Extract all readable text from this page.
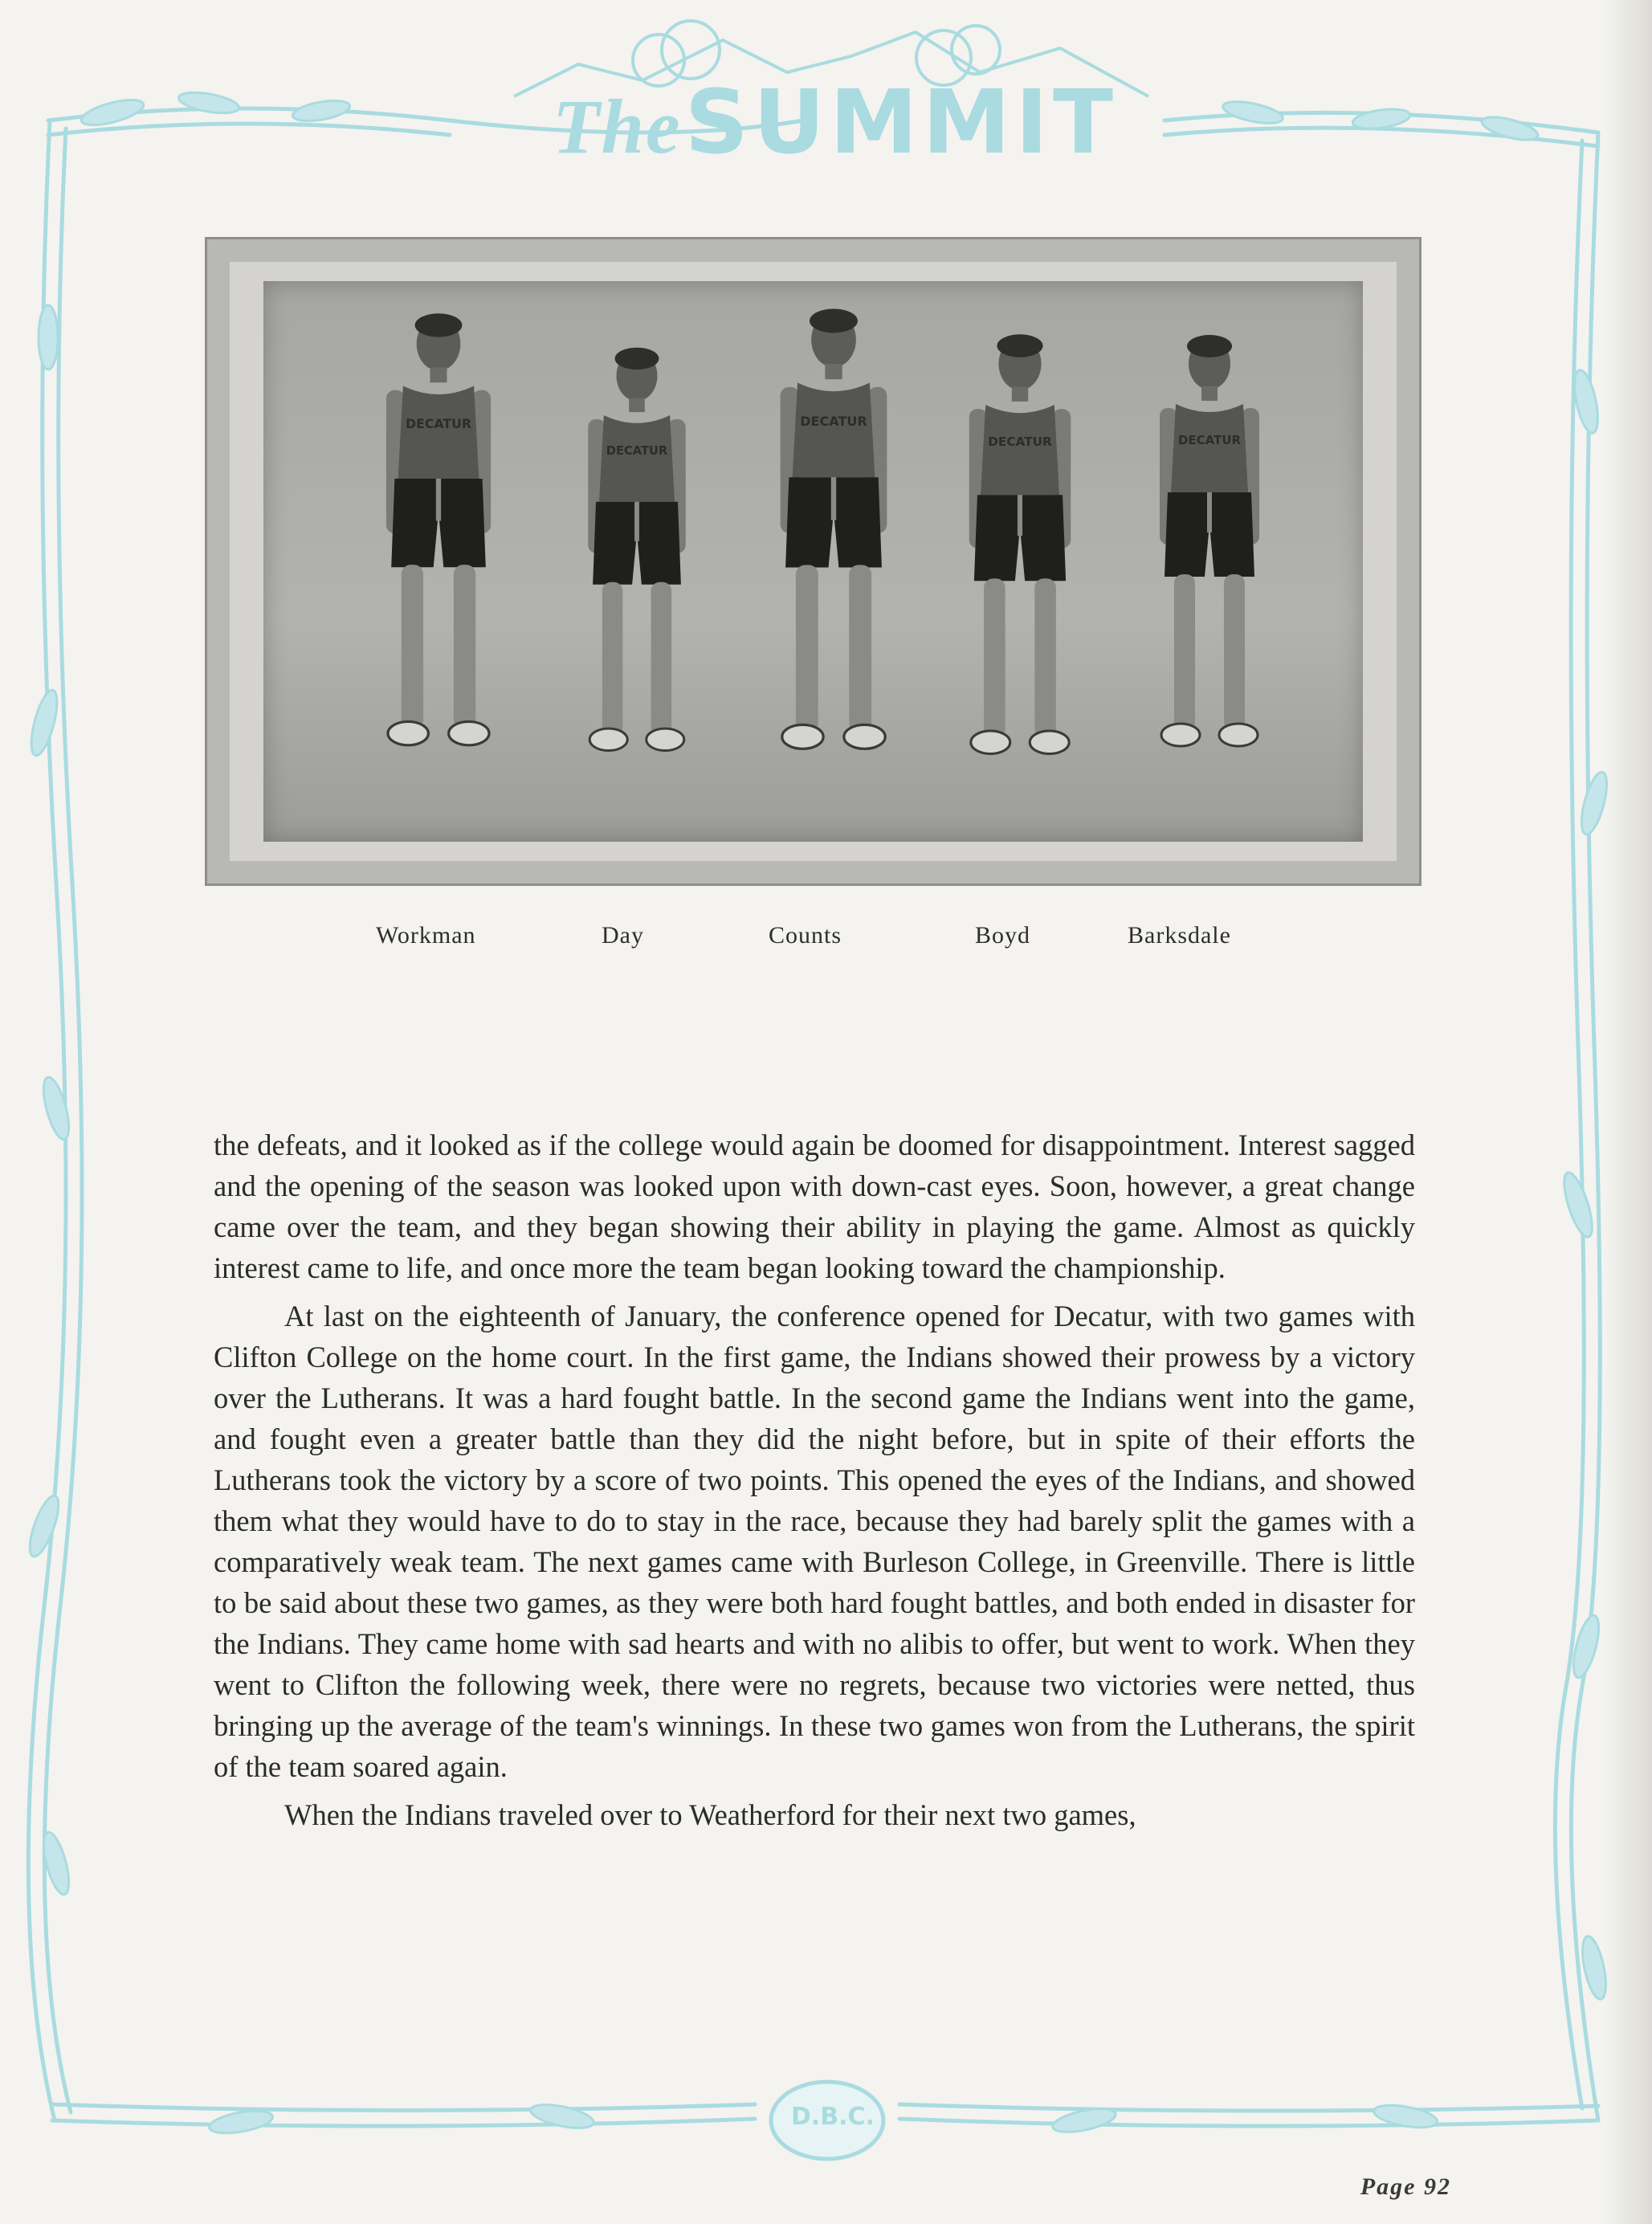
The SUMMIT
D.B.C.
DECATUR
Workman	Day	Counts	Boyd	Barksdale

the defeats, and it looked as if the college would again be doomed for disappointment. Interest sagged and the opening of the season was looked upon with down-cast eyes. Soon, however, a great change came over the team, and they began showing their ability in playing the game. Almost as quickly interest came to life, and once more the team began looking toward the championship.

At last on the eighteenth of January, the conference opened for Decatur, with two games with Clifton College on the home court. In the first game, the Indians showed their prowess by a victory over the Lutherans. It was a hard fought battle. In the second game the Indians went into the game, and fought even a greater battle than they did the night before, but in spite of their efforts the Lutherans took the victory by a score of two points. This opened the eyes of the Indians, and showed them what they would have to do to stay in the race, because they had barely split the games with a comparatively weak team. The next games came with Burleson College, in Greenville. There is little to be said about these two games, as they were both hard fought battles, and both ended in disaster for the Indians. They came home with sad hearts and with no alibis to offer, but went to work. When they went to Clifton the following week, there were no regrets, because two victories were netted, thus bringing up the average of the team's winnings. In these two games won from the Lutherans, the spirit of the team soared again.

When the Indians traveled over to Weatherford for their next two games,

Page 92
